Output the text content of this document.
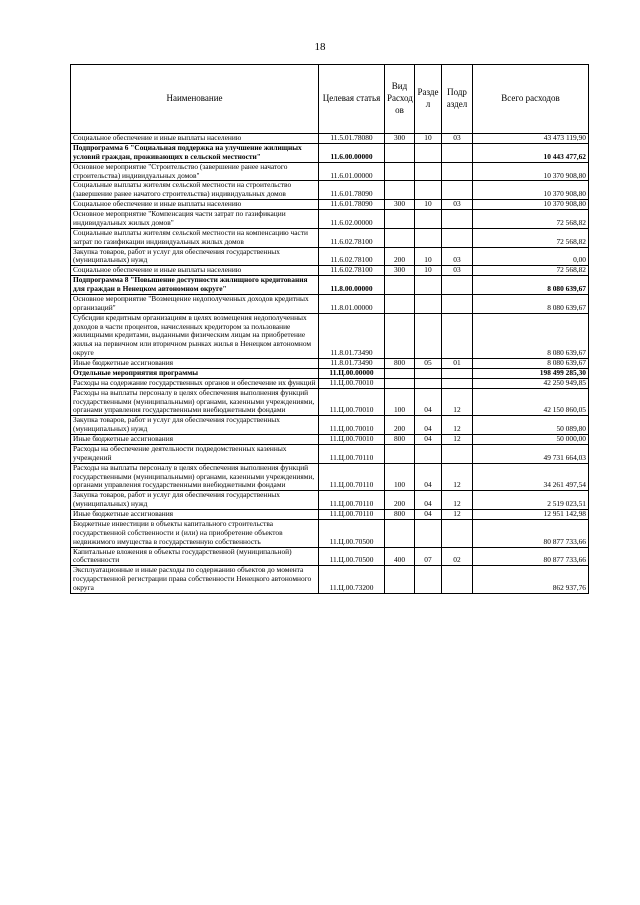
18
Наименование	Целевая статья	Вид Расход ов	Разде л	Подр аздел	Всего расходов
Социальное обеспечение и иные выплаты населению	11.5.01.78080	300	10	03	43 473 119,90
Подпрограмма 6 "Социальная поддержка на улучшение жилищных условий граждан, проживающих в сельской местности"	11.6.00.00000				10 443 477,62
Основное мероприятие "Строительство (завершение ранее начатого строительства) индивидуальных домов"	11.6.01.00000				10 370 908,80
Социальные выплаты жителям сельской местности на строительство (завершение ранее начатого строительства) индивидуальных домов	11.6.01.78090				10 370 908,80
Социальное обеспечение и иные выплаты населению	11.6.01.78090	300	10	03	10 370 908,80
Основное мероприятие "Компенсация части затрат по газификации индивидуальных жилых домов"	11.6.02.00000				72 568,82
Социальные выплаты жителям сельской местности на компенсацию части затрат по газификации индивидуальных жилых домов	11.6.02.78100				72 568,82
Закупка товаров, работ и услуг для обеспечения государственных (муниципальных) нужд	11.6.02.78100	200	10	03	0,00
Социальное обеспечение и иные выплаты населению	11.6.02.78100	300	10	03	72 568,82
Подпрограмма 8 "Повышение доступности жилищного кредитования для граждан в Ненецком автономном округе"	11.8.00.00000				8 080 639,67
Основное мероприятие "Возмещение недополученных доходов кредитных организаций"	11.8.01.00000				8 080 639,67
Субсидии кредитным организациям в целях возмещения недополученных доходов в части процентов, начисленных кредитором за пользование жилищными кредитами, выданными физическим лицам на приобретение жилья на первичном или вторичном рынках жилья в Ненецком автономном округе	11.8.01.73490				8 080 639,67
Иные бюджетные ассигнования	11.8.01.73490	800	05	01	8 080 639,67
Отдельные мероприятия программы	11.Ц.00.00000				198 499 285,30
Расходы на содержание государственных органов и обеспечение их функций	11.Ц.00.70010				42 250 949,85
Расходы на выплаты персоналу в целях обеспечения выполнения функций государственными (муниципальными) органами, казенными учреждениями, органами управления государственными внебюджетными фондами	11.Ц.00.70010	100	04	12	42 150 860,05
Закупка товаров, работ и услуг для обеспечения государственных (муниципальных) нужд	11.Ц.00.70010	200	04	12	50 089,80
Иные бюджетные ассигнования	11.Ц.00.70010	800	04	12	50 000,00
Расходы на обеспечение деятельности подведомственных казенных учреждений	11.Ц.00.70110				49 731 664,03
Расходы на выплаты персоналу в целях обеспечения выполнения функций государственными (муниципальными) органами, казенными учреждениями, органами управления государственными внебюджетными фондами	11.Ц.00.70110	100	04	12	34 261 497,54
Закупка товаров, работ и услуг для обеспечения государственных (муниципальных) нужд	11.Ц.00.70110	200	04	12	2 519 023,51
Иные бюджетные ассигнования	11.Ц.00.70110	800	04	12	12 951 142,98
Бюджетные инвестиции в объекты капитального строительства государственной собственности и (или) на приобретение объектов недвижимого имущества в государственную собственность	11.Ц.00.70500				80 877 733,66
Капитальные вложения в объекты государственной (муниципальной) собственности	11.Ц.00.70500	400	07	02	80 877 733,66
Эксплуатационные и иные расходы по содержанию объектов до момента государственной регистрации права собственности Ненецкого автономного округа	11.Ц.00.73200				862 937,76
